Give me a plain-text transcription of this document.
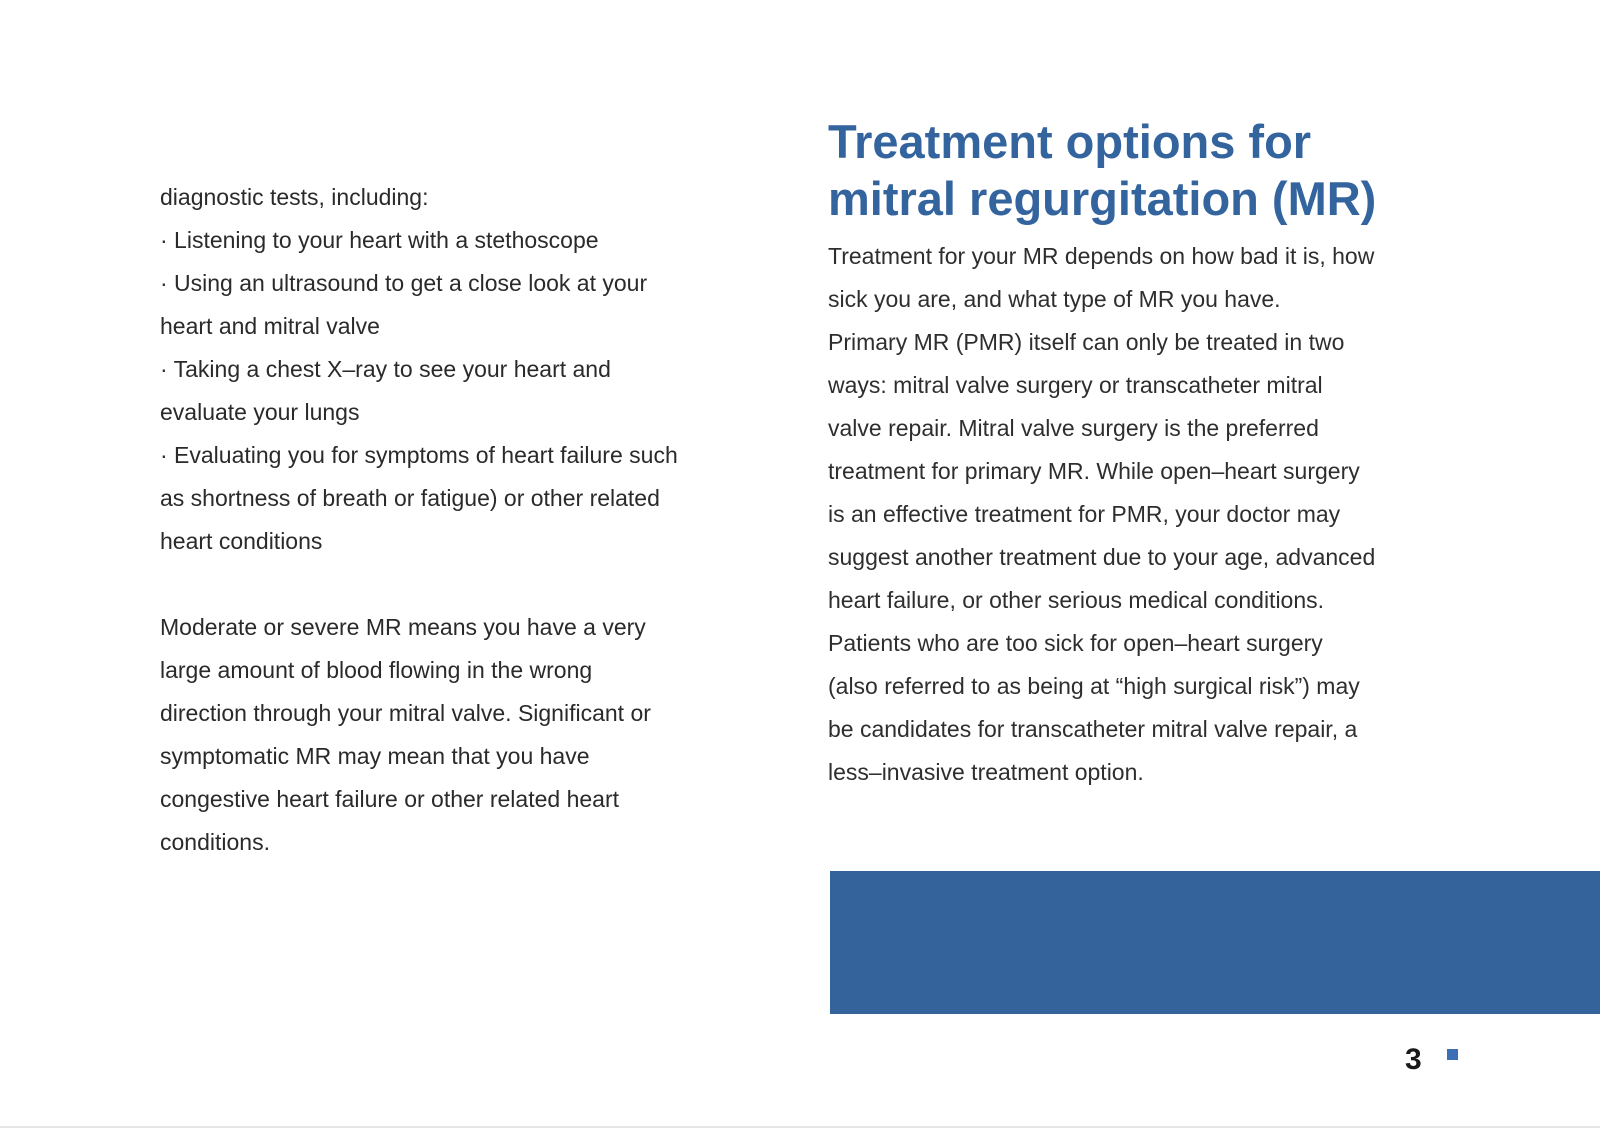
diagnostic tests, including:

· Listening to your heart with a stethoscope

· Using an ultrasound to get a close look at your

heart and mitral valve

· Taking a chest X–ray to see your heart and

evaluate your lungs

· Evaluating you for symptoms of heart failure such

as shortness of breath or fatigue) or other related

heart conditions

Moderate or severe MR means you have a very

large amount of blood flowing in the wrong

direction through your mitral valve. Significant or

symptomatic MR may mean that you have

congestive heart failure or other related heart

conditions.

Treatment options for
mitral regurgitation (MR)

Treatment for your MR depends on how bad it is, how

sick you are, and what type of MR you have.

Primary MR (PMR) itself can only be treated in two

ways: mitral valve surgery or transcatheter mitral

valve repair. Mitral valve surgery is the preferred

treatment for primary MR. While open–heart surgery

is an effective treatment for PMR, your doctor may

suggest another treatment due to your age, advanced

heart failure, or other serious medical conditions.

Patients who are too sick for open–heart surgery

(also referred to as being at “high surgical risk”) may

be candidates for transcatheter mitral valve repair, a

less–invasive treatment option.

3
